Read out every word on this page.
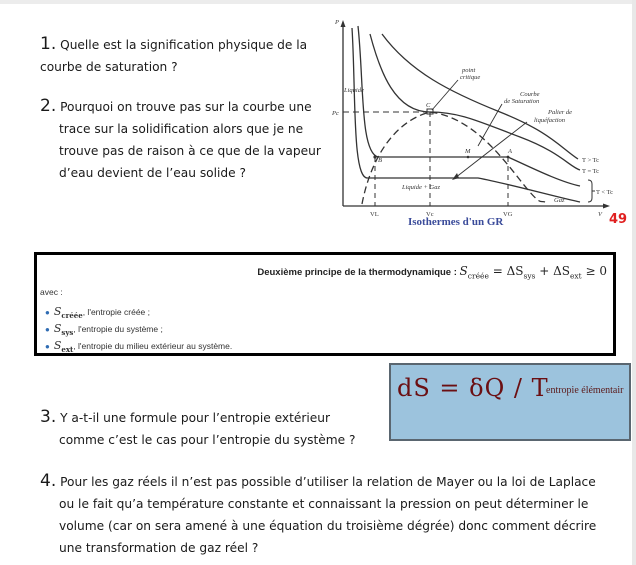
1. Quelle est la signification physique de la
courbe de saturation ?
2. Pourquoi on trouve pas sur la courbe une
trace sur la solidification alors que je ne
trouve pas de raison à ce que de la vapeur
d’eau devient de l’eau solide ?
P
V
Pc
Liquide
point
critique
Courbe
de Saturation
Palier de
liquéfaction
Liquide + Gaz
Gaz
M	A
B
C
T > Tc
T = Tc
T < Tc
VL	Vc	VG
Isothermes d'un GR	49
Deuxième principe de la thermodynamique : $S_{créée} = \Delta S_{sys} + \Delta S_{ext} \ge 0$
avec :
● $S_{créée}$, l'entropie créée ;
● $S_{sys}$, l'entropie du système ;
● $S_{ext}$, l'entropie du milieu extérieur au système.
dS = δQ / T
entropie élémentair
3. Y a-t-il une formule pour l’entropie extérieur
comme c’est le cas pour l’entropie du système ?
4. Pour les gaz réels il n’est pas possible d’utiliser la relation de Mayer ou la loi de Laplace
ou le fait qu’a température constante et connaissant la pression on peut déterminer le
volume (car on sera amené à une équation du troisième dégrée) donc comment décrire
une transformation de gaz réel ?
